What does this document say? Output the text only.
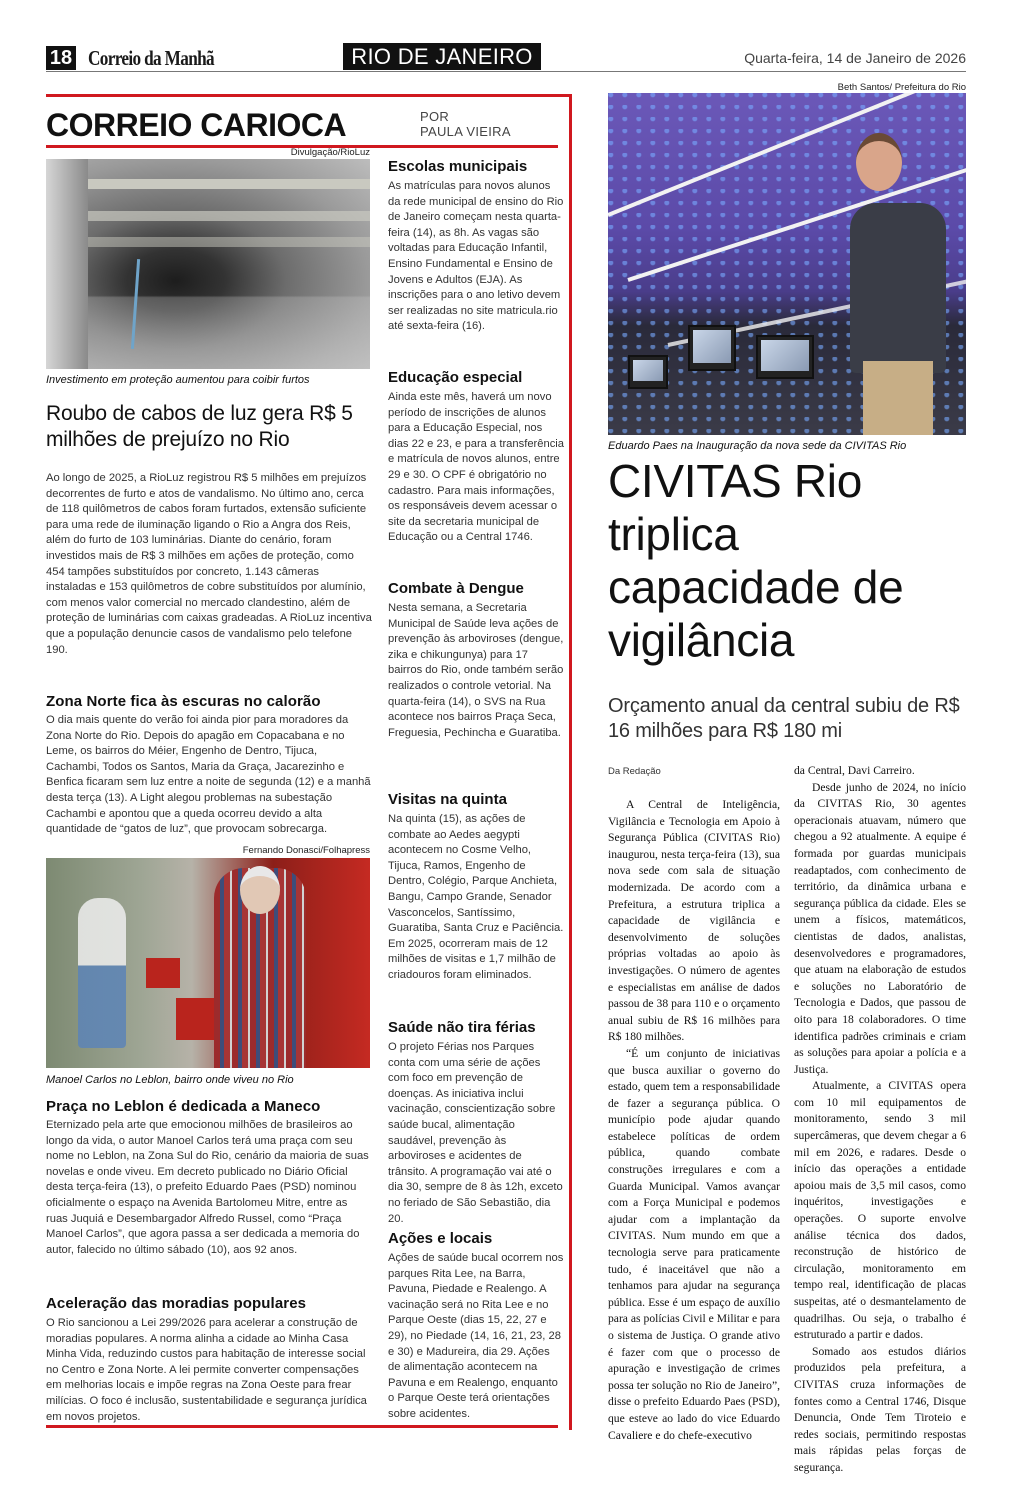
18 Correio da Manhã	RIO DE JANEIRO	Quarta-feira, 14 de Janeiro de 2026
CORREIO CARIOCA	POR
PAULA VIEIRA
Divulgação/RioLuz
Investimento em proteção aumentou para coibir furtos
Roubo de cabos de luz gera R$ 5 milhões de prejuízo no Rio
Ao longo de 2025, a RioLuz registrou R$ 5 milhões em prejuízos decorrentes de furto e atos de vandalismo. No último ano, cerca de 118 quilômetros de cabos foram furtados, extensão suficiente para uma rede de iluminação ligando o Rio a Angra dos Reis, além do furto de 103 luminárias. Diante do cenário, foram investidos mais de R$ 3 milhões em ações de proteção, como 454 tampões substituídos por concreto, 1.143 câmeras instaladas e 153 quilômetros de cobre substituídos por alumínio, com menos valor comercial no mercado clandestino, além de proteção de luminárias com caixas gradeadas. A RioLuz incentiva que a população denuncie casos de vandalismo pelo telefone 190.
Zona Norte fica às escuras no calorão
O dia mais quente do verão foi ainda pior para moradores da Zona Norte do Rio. Depois do apagão em Copacabana e no Leme, os bairros do Méier, Engenho de Dentro, Tijuca, Cachambi, Todos os Santos, Maria da Graça, Jacarezinho e Benfica ficaram sem luz entre a noite de segunda (12) e a manhã desta terça (13). A Light alegou problemas na subestação Cachambi e apontou que a queda ocorreu devido a alta quantidade de “gatos de luz”, que provocam sobrecarga.
Fernando Donasci/Folhapress
Manoel Carlos no Leblon, bairro onde viveu no Rio
Praça no Leblon é dedicada a Maneco
Eternizado pela arte que emocionou milhões de brasileiros ao longo da vida, o autor Manoel Carlos terá uma praça com seu nome no Leblon, na Zona Sul do Rio, cenário da maioria de suas novelas e onde viveu. Em decreto publicado no Diário Oficial desta terça-feira (13), o prefeito Eduardo Paes (PSD) nominou oficialmente o espaço na Avenida Bartolomeu Mitre, entre as ruas Juquiá e Desembargador Alfredo Russel, como “Praça Manoel Carlos”, que agora passa a ser dedicada a memoria do autor, falecido no último sábado (10), aos 92 anos.
Aceleração das moradias populares
O Rio sancionou a Lei 299/2026 para acelerar a construção de moradias populares. A norma alinha a cidade ao Minha Casa Minha Vida, reduzindo custos para habitação de interesse social no Centro e Zona Norte. A lei permite converter compensações em melhorias locais e impõe regras na Zona Oeste para frear milícias. O foco é inclusão, sustentabilidade e segurança jurídica em novos projetos.
Escolas municipais
As matrículas para novos alunos da rede municipal de ensino do Rio de Janeiro começam nesta quarta-feira (14), as 8h. As vagas são voltadas para Educação Infantil, Ensino Fundamental e Ensino de Jovens e Adultos (EJA). As inscrições para o ano letivo devem ser realizadas no site matricula.rio até sexta-feira (16).
Educação especial
Ainda este mês, haverá um novo período de inscrições de alunos para a Educação Especial, nos dias 22 e 23, e para a transferência e matrícula de novos alunos, entre 29 e 30. O CPF é obrigatório no cadastro. Para mais informações, os responsáveis devem acessar o site da secretaria municipal de Educação ou a Central 1746.
Combate à Dengue
Nesta semana, a Secretaria Municipal de Saúde leva ações de prevenção às arboviroses (dengue, zika e chikungunya) para 17 bairros do Rio, onde também serão realizados o controle vetorial. Na quarta-feira (14), o SVS na Rua acontece nos bairros Praça Seca, Freguesia, Pechincha e Guaratiba.
Visitas na quinta
Na quinta (15), as ações de combate ao Aedes aegypti acontecem no Cosme Velho, Tijuca, Ramos, Engenho de Dentro, Colégio, Parque Anchieta, Bangu, Campo Grande, Senador Vasconcelos, Santíssimo, Guaratiba, Santa Cruz e Paciência. Em 2025, ocorreram mais de 12 milhões de visitas e 1,7 milhão de criadouros foram eliminados.
Saúde não tira férias
O projeto Férias nos Parques conta com uma série de ações com foco em prevenção de doenças. As iniciativa inclui vacinação, conscientização sobre saúde bucal, alimentação saudável, prevenção às arboviroses e acidentes de trânsito. A programação vai até o dia 30, sempre de 8 às 12h, exceto no feriado de São Sebastião, dia 20.
Ações e locais
Ações de saúde bucal ocorrem nos parques Rita Lee, na Barra, Pavuna, Piedade e Realengo. A vacinação será no Rita Lee e no Parque Oeste (dias 15, 22, 27 e 29), no Piedade (14, 16, 21, 23, 28 e 30) e Madureira, dia 29. Ações de alimentação acontecem na Pavuna e em Realengo, enquanto o Parque Oeste terá orientações sobre acidentes.
Beth Santos/ Prefeitura do Rio
Eduardo Paes na Inauguração da nova sede da CIVITAS Rio
CIVITAS Rio triplica capacidade de vigilância
Orçamento anual da central subiu de R$ 16 milhões para R$ 180 mi
Da Redação

A Central de Inteligência, Vigilância e Tecnologia em Apoio à Segurança Pública (CIVITAS Rio) inaugurou, nesta terça-feira (13), sua nova sede com sala de situação modernizada. De acordo com a Prefeitura, a estrutura triplica a capacidade de vigilância e desenvolvimento de soluções próprias voltadas ao apoio às investigações. O número de agentes e especialistas em análise de dados passou de 38 para 110 e o orçamento anual subiu de R$ 16 milhões para R$ 180 milhões.

“É um conjunto de iniciativas que busca auxiliar o governo do estado, quem tem a responsabilidade de fazer a segurança pública. O município pode ajudar quando estabelece políticas de ordem pública, quando combate construções irregulares e com a Guarda Municipal. Vamos avançar com a Força Municipal e podemos ajudar com a implantação da CIVITAS. Num mundo em que a tecnologia serve para praticamente tudo, é inaceitável que não a tenhamos para ajudar na segurança pública. Esse é um espaço de auxílio para as polícias Civil e Militar e para o sistema de Justiça. O grande ativo é fazer com que o processo de apuração e investigação de crimes possa ter solução no Rio de Janeiro”, disse o prefeito Eduardo Paes (PSD), que esteve ao lado do vice Eduardo Cavaliere e do chefe-executivo

da Central, Davi Carreiro.

Desde junho de 2024, no início da CIVITAS Rio, 30 agentes operacionais atuavam, número que chegou a 92 atualmente. A equipe é formada por guardas municipais readaptados, com conhecimento de território, da dinâmica urbana e segurança pública da cidade. Eles se unem a físicos, matemáticos, cientistas de dados, analistas, desenvolvedores e programadores, que atuam na elaboração de estudos e soluções no Laboratório de Tecnologia e Dados, que passou de oito para 18 colaboradores. O time identifica padrões criminais e criam as soluções para apoiar a polícia e a Justiça.

Atualmente, a CIVITAS opera com 10 mil equipamentos de monitoramento, sendo 3 mil supercâmeras, que devem chegar a 6 mil em 2026, e radares. Desde o início das operações a entidade apoiou mais de 3,5 mil casos, como inquéritos, investigações e operações. O suporte envolve análise técnica dos dados, reconstrução de histórico de circulação, monitoramento em tempo real, identificação de placas suspeitas, até o desmantelamento de quadrilhas. Ou seja, o trabalho é estruturado a partir e dados.

Somado aos estudos diários produzidos pela prefeitura, a CIVITAS cruza informações de fontes como a Central 1746, Disque Denuncia, Onde Tem Tiroteio e redes sociais, permitindo respostas mais rápidas pelas forças de segurança.
